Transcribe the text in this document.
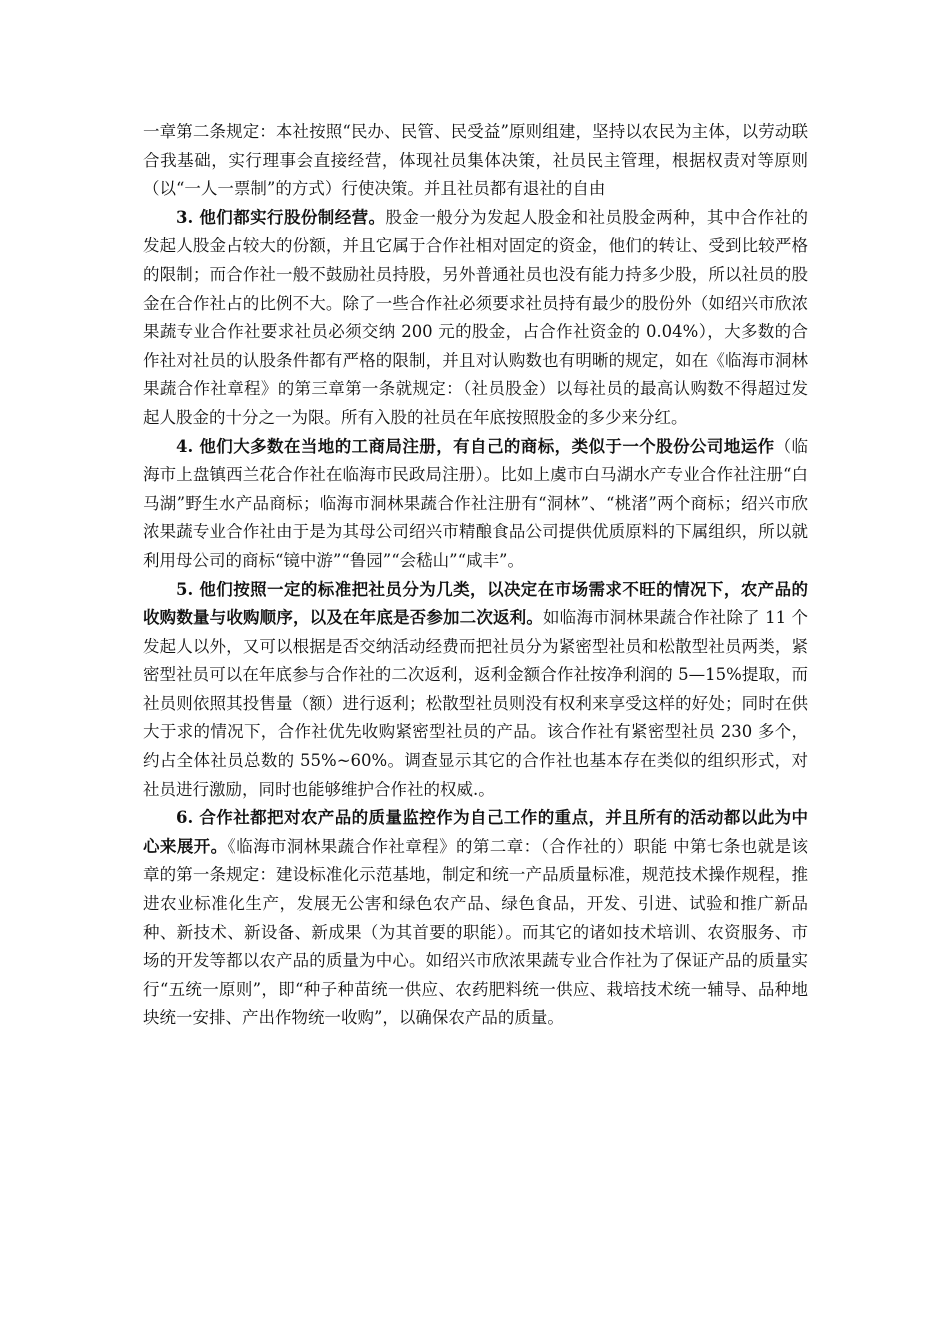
一章第二条规定：本社按照“民办、民管、民受益”原则组建，坚持以农民为主体，以劳动联合我基础，实行理事会直接经营，体现社员集体决策，社员民主管理，根据权责对等原则（以“一人一票制”的方式）行使决策。并且社员都有退社的自由

3. 他们都实行股份制经营。股金一般分为发起人股金和社员股金两种，其中合作社的发起人股金占较大的份额，并且它属于合作社相对固定的资金，他们的转让、受到比较严格的限制；而合作社一般不鼓励社员持股，另外普通社员也没有能力持多少股，所以社员的股金在合作社占的比例不大。除了一些合作社必须要求社员持有最少的股份外（如绍兴市欣浓果蔬专业合作社要求社员必须交纳 200 元的股金，占合作社资金的 0.04%），大多数的合作社对社员的认股条件都有严格的限制，并且对认购数也有明晰的规定，如在《临海市洞林果蔬合作社章程》的第三章第一条就规定：（社员股金）以每社员的最高认购数不得超过发起人股金的十分之一为限。所有入股的社员在年底按照股金的多少来分红。

4. 他们大多数在当地的工商局注册，有自己的商标，类似于一个股份公司地运作（临海市上盘镇西兰花合作社在临海市民政局注册）。比如上虞市白马湖水产专业合作社注册“白马湖”野生水产品商标；临海市洞林果蔬合作社注册有“洞林”、“桃渚”两个商标；绍兴市欣浓果蔬专业合作社由于是为其母公司绍兴市精酿食品公司提供优质原料的下属组织，所以就利用母公司的商标“镜中游”“鲁园”“会嵇山”“咸丰”。

5. 他们按照一定的标准把社员分为几类，以决定在市场需求不旺的情况下，农产品的收购数量与收购顺序，以及在年底是否参加二次返利。如临海市洞林果蔬合作社除了 11 个发起人以外，又可以根据是否交纳活动经费而把社员分为紧密型社员和松散型社员两类，紧密型社员可以在年底参与合作社的二次返利，返利金额合作社按净利润的 5—15%提取，而社员则依照其投售量（额）进行返利；松散型社员则没有权利来享受这样的好处；同时在供大于求的情况下，合作社优先收购紧密型社员的产品。该合作社有紧密型社员 230 多个，约占全体社员总数的 55%~60%。调查显示其它的合作社也基本存在类似的组织形式，对社员进行激励，同时也能够维护合作社的权威.。

6. 合作社都把对农产品的质量监控作为自己工作的重点，并且所有的活动都以此为中心来展开。《临海市洞林果蔬合作社章程》的第二章：（合作社的）职能 中第七条也就是该章的第一条规定：建设标准化示范基地，制定和统一产品质量标准，规范技术操作规程，推进农业标准化生产，发展无公害和绿色农产品、绿色食品，开发、引进、试验和推广新品种、新技术、新设备、新成果（为其首要的职能）。而其它的诸如技术培训、农资服务、市场的开发等都以农产品的质量为中心。如绍兴市欣浓果蔬专业合作社为了保证产品的质量实行“五统一原则”，即“种子种苗统一供应、农药肥料统一供应、栽培技术统一辅导、品种地块统一安排、产出作物统一收购”，以确保农产品的质量。
